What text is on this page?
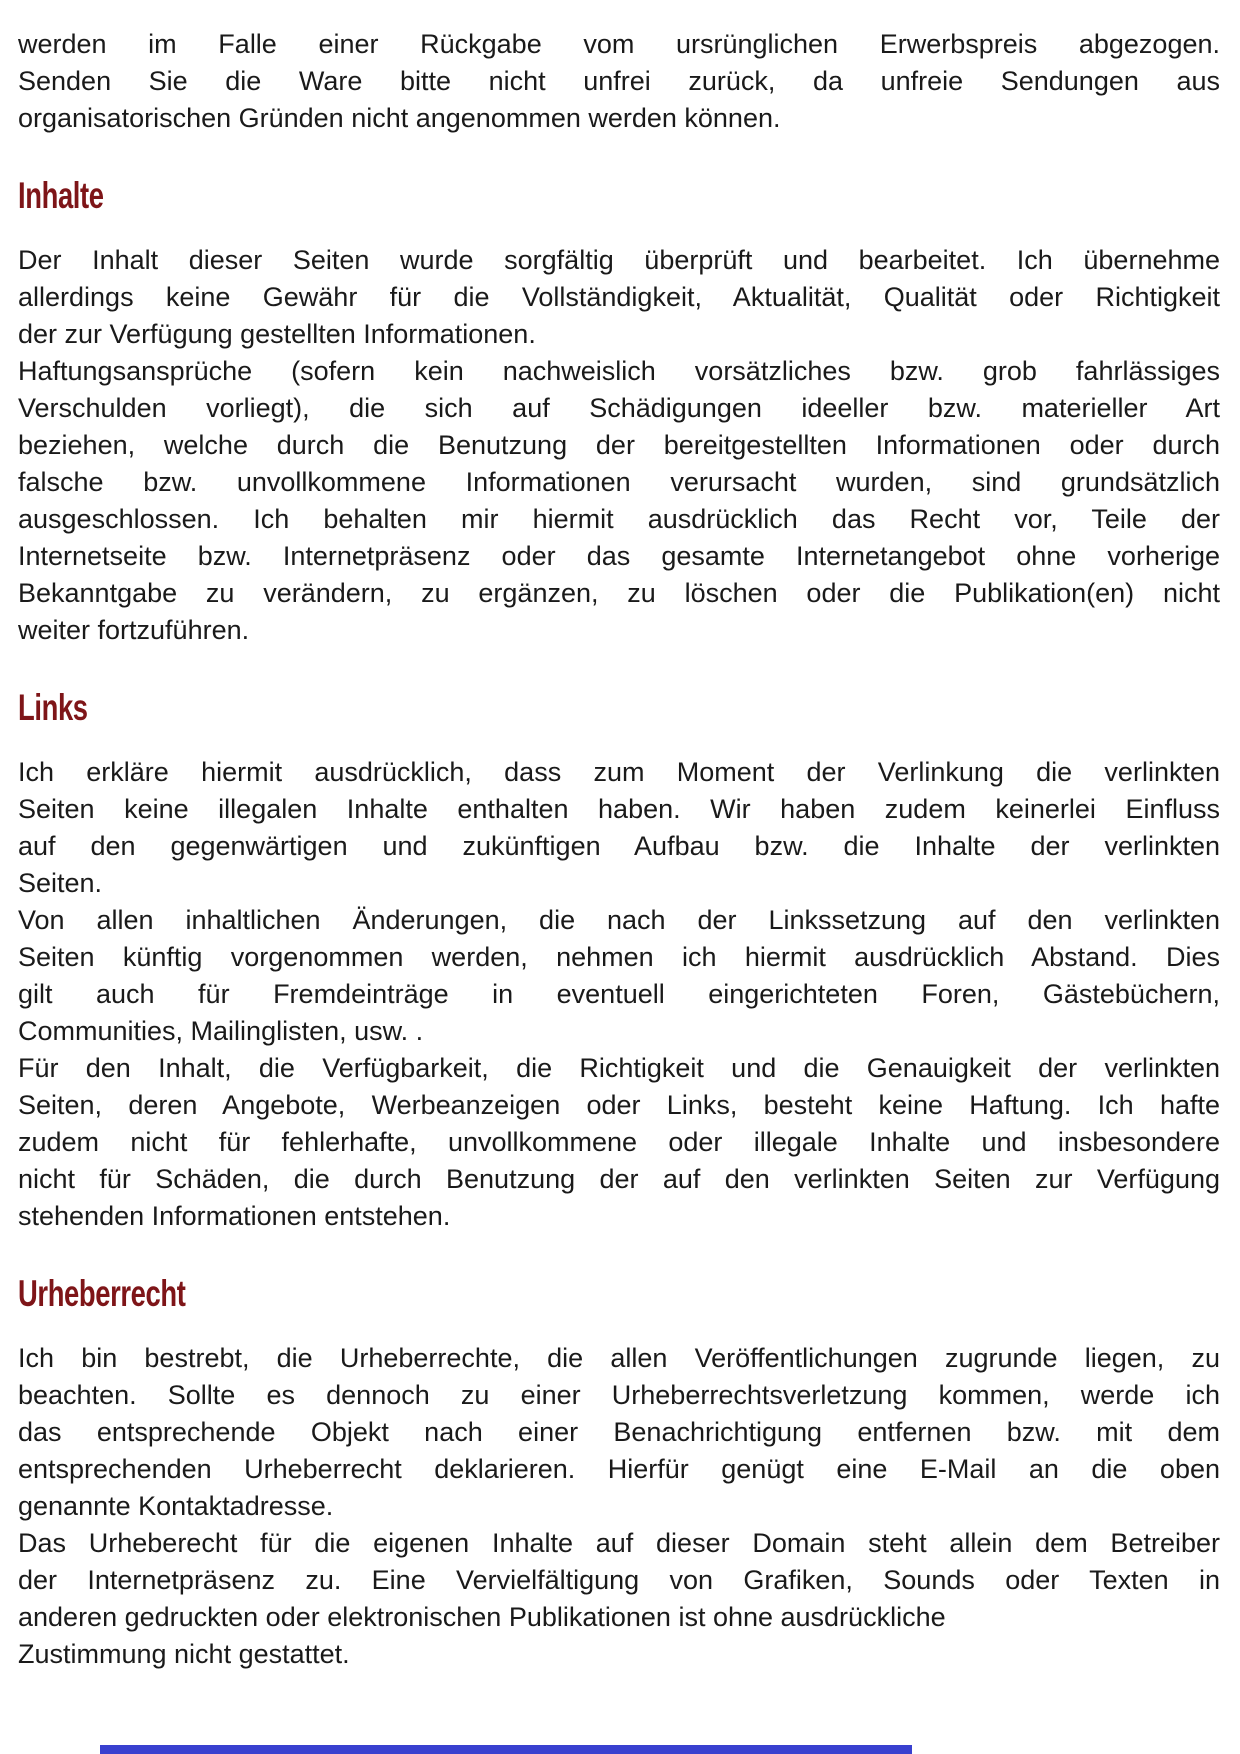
werden im Falle einer Rückgabe vom ursrünglichen Erwerbspreis abgezogen.
Senden Sie die Ware bitte nicht unfrei zurück, da unfreie Sendungen aus
organisatorischen Gründen nicht angenommen werden können.
Inhalte
Der Inhalt dieser Seiten wurde sorgfältig überprüft und bearbeitet. Ich übernehme
allerdings keine Gewähr für die Vollständigkeit, Aktualität, Qualität oder Richtigkeit
der zur Verfügung gestellten Informationen.
Haftungsansprüche (sofern kein nachweislich vorsätzliches bzw. grob fahrlässiges
Verschulden vorliegt), die sich auf Schädigungen ideeller bzw. materieller Art
beziehen, welche durch die Benutzung der bereitgestellten Informationen oder durch
falsche bzw. unvollkommene Informationen verursacht wurden, sind grundsätzlich
ausgeschlossen. Ich behalten mir hiermit ausdrücklich das Recht vor, Teile der
Internetseite bzw. Internetpräsenz oder das gesamte Internetangebot ohne vorherige
Bekanntgabe zu verändern, zu ergänzen, zu löschen oder die Publikation(en) nicht
weiter fortzuführen.
Links
Ich erkläre hiermit ausdrücklich, dass zum Moment der Verlinkung die verlinkten
Seiten keine illegalen Inhalte enthalten haben. Wir haben zudem keinerlei Einfluss
auf den gegenwärtigen und zukünftigen Aufbau bzw. die Inhalte der verlinkten
Seiten.
Von allen inhaltlichen Änderungen, die nach der Linkssetzung auf den verlinkten
Seiten künftig vorgenommen werden, nehmen ich hiermit ausdrücklich Abstand. Dies
gilt auch für Fremdeinträge in eventuell eingerichteten Foren, Gästebüchern,
Communities, Mailinglisten, usw. .
Für den Inhalt, die Verfügbarkeit, die Richtigkeit und die Genauigkeit der verlinkten
Seiten, deren Angebote, Werbeanzeigen oder Links, besteht keine Haftung. Ich hafte
zudem nicht für fehlerhafte, unvollkommene oder illegale Inhalte und insbesondere
nicht für Schäden, die durch Benutzung der auf den verlinkten Seiten zur Verfügung
stehenden Informationen entstehen.
Urheberrecht
Ich bin bestrebt, die Urheberrechte, die allen Veröffentlichungen zugrunde liegen, zu
beachten. Sollte es dennoch zu einer Urheberrechtsverletzung kommen, werde ich
das entsprechende Objekt nach einer Benachrichtigung entfernen bzw. mit dem
entsprechenden Urheberrecht deklarieren. Hierfür genügt eine E-Mail an die oben
genannte Kontaktadresse.
Das Urheberecht für die eigenen Inhalte auf dieser Domain steht allein dem Betreiber
der Internetpräsenz zu. Eine Vervielfältigung von Grafiken, Sounds oder Texten in
anderen gedruckten oder elektronischen Publikationen ist ohne ausdrückliche
Zustimmung nicht gestattet.
